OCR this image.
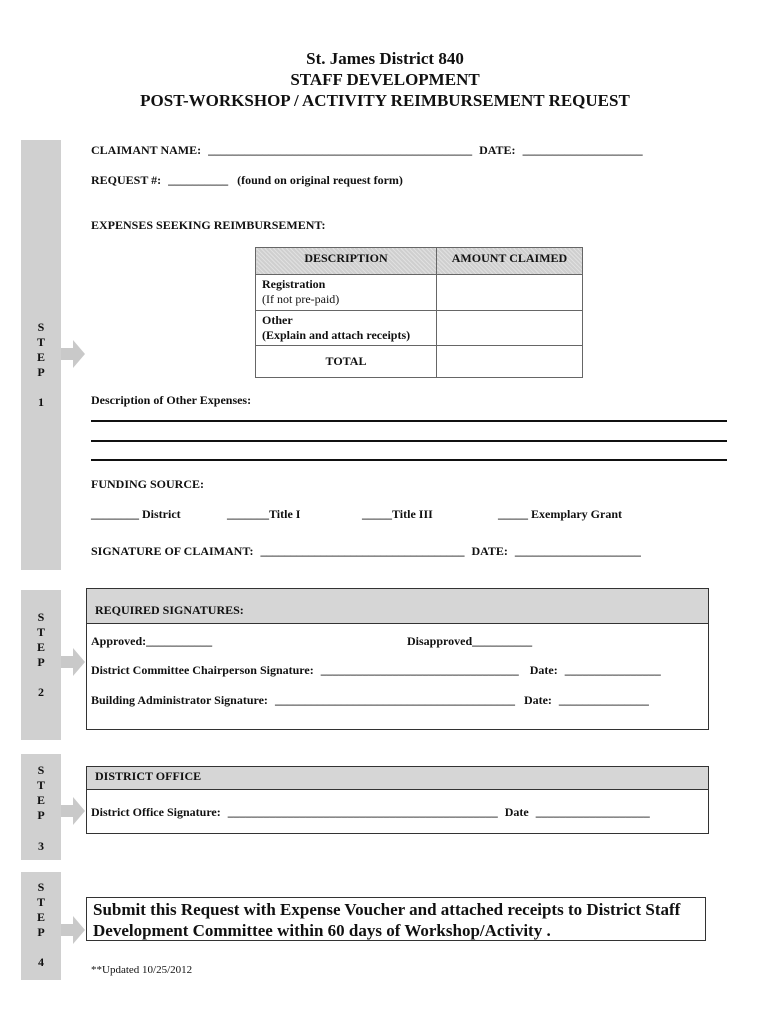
St. James District 840
STAFF DEVELOPMENT
POST-WORKSHOP / ACTIVITY REIMBURSEMENT REQUEST
S
T
E
P
1
S
T
E
P
2
S
T
E
P
3
S
T
E
P
4
CLAIMANT NAME: ____________________________________________ DATE: ____________________
REQUEST #: __________ (found on original request form)
EXPENSES SEEKING REIMBURSEMENT:
DESCRIPTION	AMOUNT CLAIMED

Registration
(If not pre-paid)	

Other
(Explain and attach receipts)	

TOTAL	
Description of Other Expenses:
FUNDING SOURCE:
________ District	_______Title I	_____Title III	_____ Exemplary Grant
SIGNATURE OF CLAIMANT: __________________________________ DATE: _____________________
REQUIRED SIGNATURES:
Approved:___________	Disapproved__________
District Committee Chairperson Signature: _________________________________ Date: ________________
Building Administrator Signature: ________________________________________ Date: _______________
DISTRICT OFFICE
District Office Signature: _____________________________________________ Date ___________________
Submit this Request with Expense Voucher and attached receipts to District Staff Development Committee within 60 days of Workshop/Activity .
**Updated 10/25/2012
